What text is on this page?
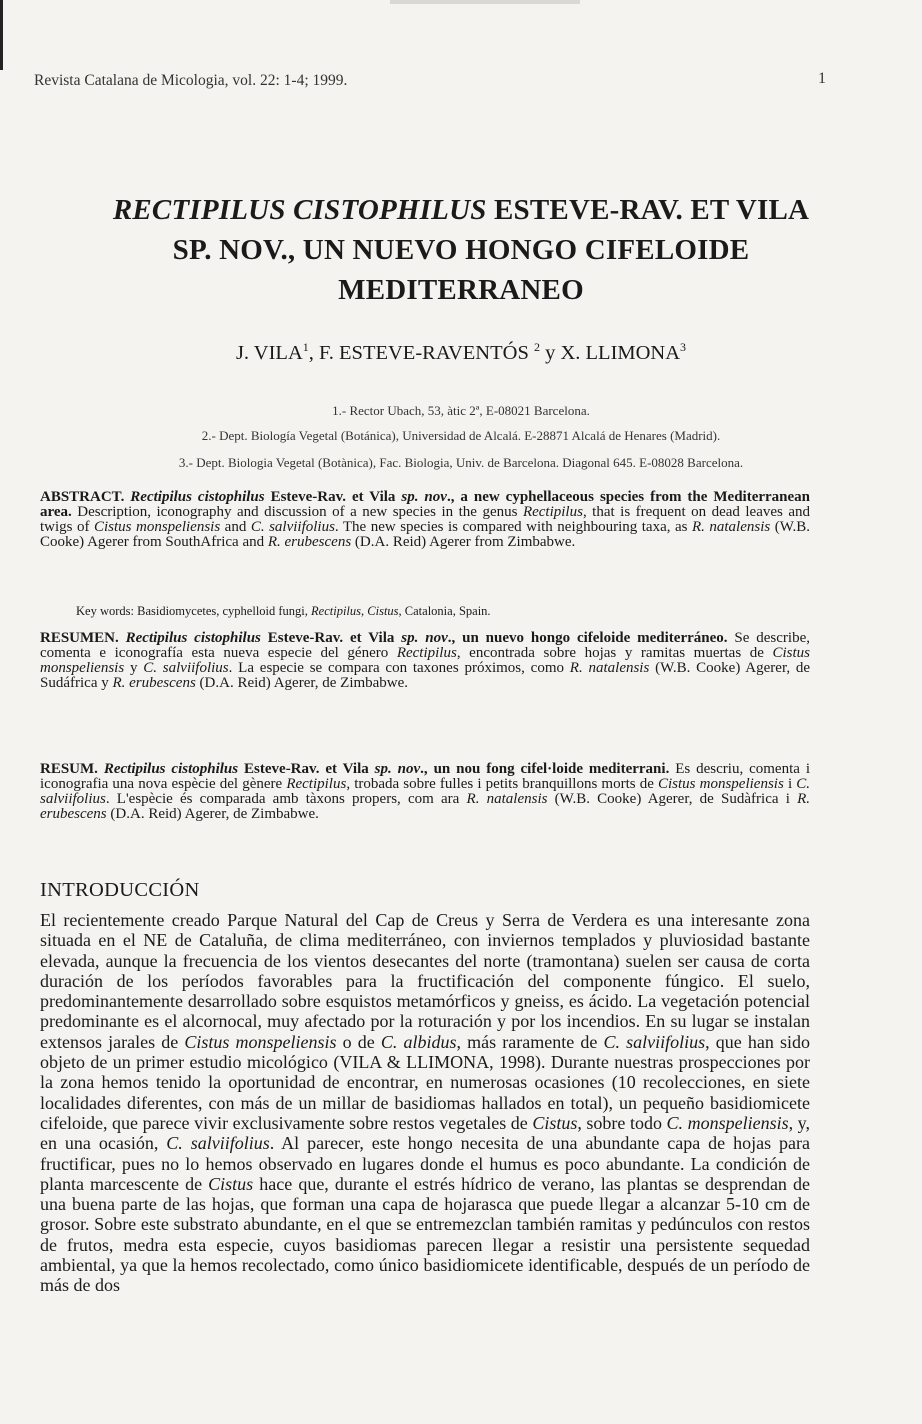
Revista Catalana de Micologia, vol. 22: 1-4; 1999.	1
RECTIPILUS CISTOPHILUS ESTEVE-RAV. ET VILA
SP. NOV., UN NUEVO HONGO CIFELOIDE
MEDITERRANEO
J. VILA$^1$, F. ESTEVE-RAVENTÓS $^2$ y X. LLIMONA$^3$
1.- Rector Ubach, 53, àtic 2ª, E-08021 Barcelona.
2.- Dept. Biología Vegetal (Botánica), Universidad de Alcalá. E-28871 Alcalá de Henares (Madrid).
3.- Dept. Biologia Vegetal (Botànica), Fac. Biologia, Univ. de Barcelona. Diagonal 645. E-08028 Barcelona.
ABSTRACT. Rectipilus cistophilus Esteve-Rav. et Vila sp. nov., a new cyphellaceous species from the Mediterranean area. Description, iconography and discussion of a new species in the genus Rectipilus, that is frequent on dead leaves and twigs of Cistus monspeliensis and C. salviifolius. The new species is compared with neighbouring taxa, as R. natalensis (W.B. Cooke) Agerer from SouthAfrica and R. erubescens (D.A. Reid) Agerer from Zimbabwe.
Key words: Basidiomycetes, cyphelloid fungi, Rectipilus, Cistus, Catalonia, Spain.
RESUMEN. Rectipilus cistophilus Esteve-Rav. et Vila sp. nov., un nuevo hongo cifeloide mediterráneo. Se describe, comenta e iconografía esta nueva especie del género Rectipilus, encontrada sobre hojas y ramitas muertas de Cistus monspeliensis y C. salviifolius. La especie se compara con taxones próximos, como R. natalensis (W.B. Cooke) Agerer, de Sudáfrica y R. erubescens (D.A. Reid) Agerer, de Zimbabwe.
RESUM. Rectipilus cistophilus Esteve-Rav. et Vila sp. nov., un nou fong cifel·loide mediterrani. Es descriu, comenta i iconografia una nova espècie del gènere Rectipilus, trobada sobre fulles i petits branquillons morts de Cistus monspeliensis i C. salviifolius. L'espècie és comparada amb tàxons propers, com ara R. natalensis (W.B. Cooke) Agerer, de Sudàfrica i R. erubescens (D.A. Reid) Agerer, de Zimbabwe.
INTRODUCCIÓN

El recientemente creado Parque Natural del Cap de Creus y Serra de Verdera es una interesante zona situada en el NE de Cataluña, de clima mediterráneo, con inviernos templados y pluviosidad bastante elevada, aunque la frecuencia de los vientos desecantes del norte (tramontana) suelen ser causa de corta duración de los períodos favorables para la fructificación del componente fúngico. El suelo, predominantemente desarrollado sobre esquistos metamórficos y gneiss, es ácido. La vegetación potencial predominante es el alcornocal, muy afectado por la roturación y por los incendios. En su lugar se instalan extensos jarales de Cistus monspeliensis o de C. albidus, más raramente de C. salviifolius, que han sido objeto de un primer estudio micológico (VILA & LLIMONA, 1998). Durante nuestras prospecciones por la zona hemos tenido la oportunidad de encontrar, en numerosas ocasiones (10 recolecciones, en siete localidades diferentes, con más de un millar de basidiomas hallados en total), un pequeño basidiomicete cifeloide, que parece vivir exclusivamente sobre restos vegetales de Cistus, sobre todo C. monspeliensis, y, en una ocasión, C. salviifolius. Al parecer, este hongo necesita de una abundante capa de hojas para fructificar, pues no lo hemos observado en lugares donde el humus es poco abundante. La condición de planta marcescente de Cistus hace que, durante el estrés hídrico de verano, las plantas se desprendan de una buena parte de las hojas, que forman una capa de hojarasca que puede llegar a alcanzar 5-10 cm de grosor. Sobre este substrato abundante, en el que se entremezclan también ramitas y pedúnculos con restos de frutos, medra esta especie, cuyos basidiomas parecen llegar a resistir una persistente sequedad ambiental, ya que la hemos recolectado, como único basidiomicete identificable, después de un período de más de dos
